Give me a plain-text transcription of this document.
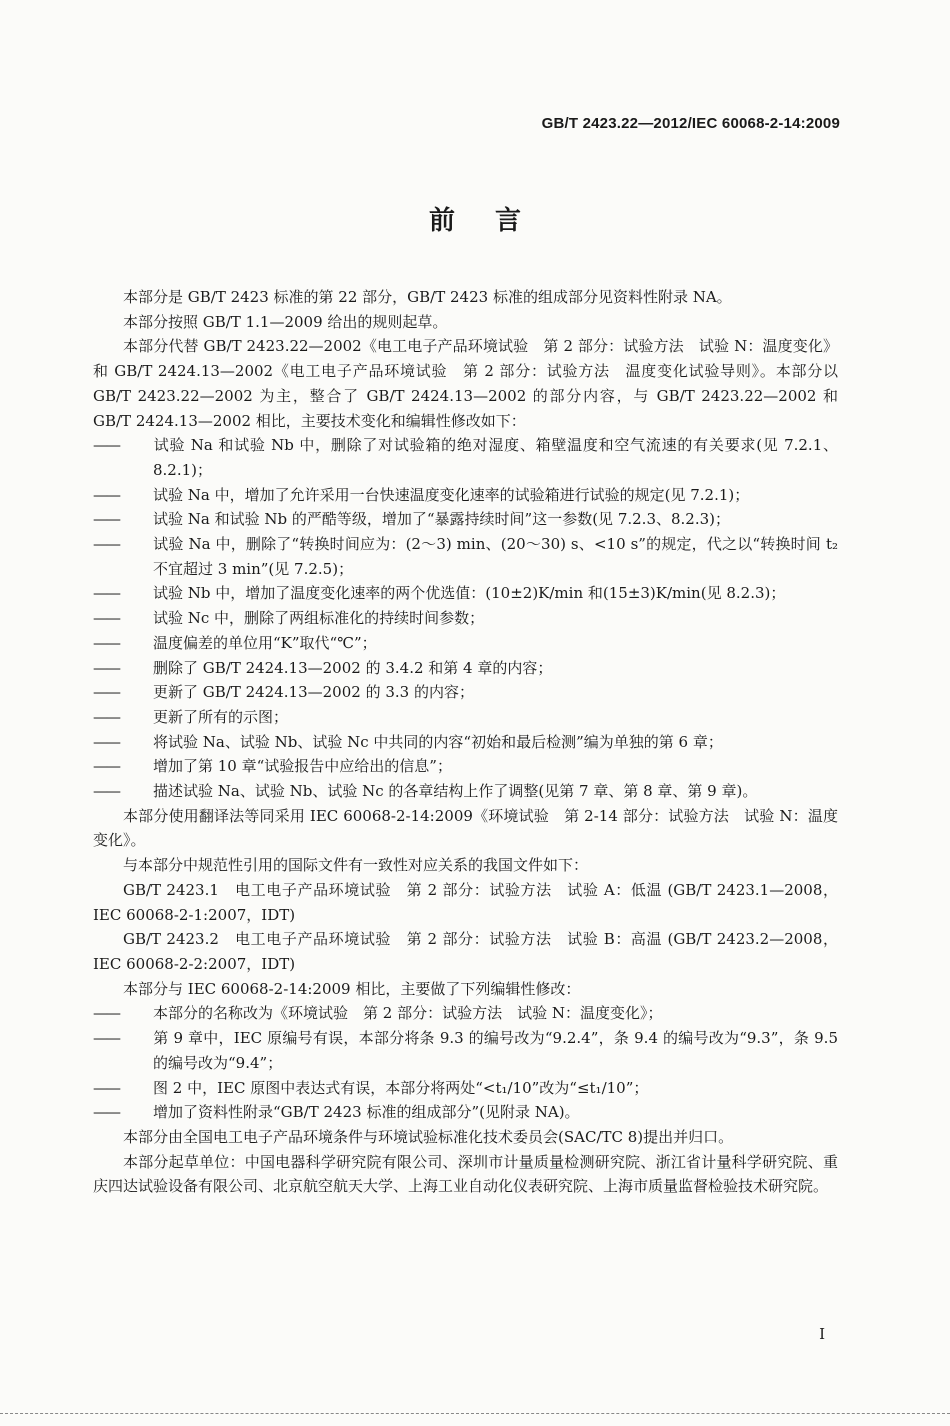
GB/T 2423.22—2012/IEC 60068-2-14:2009
前言

本部分是 GB/T 2423 标准的第 22 部分，GB/T 2423 标准的组成部分见资料性附录 NA。

本部分按照 GB/T 1.1—2009 给出的规则起草。

本部分代替 GB/T 2423.22—2002《电工电子产品环境试验　第 2 部分：试验方法　试验 N：温度变化》和 GB/T 2424.13—2002《电工电子产品环境试验　第 2 部分：试验方法　温度变化试验导则》。本部分以 GB/T 2423.22—2002 为主，整合了 GB/T 2424.13—2002 的部分内容，与 GB/T 2423.22—2002 和 GB/T 2424.13—2002 相比，主要技术变化和编辑性修改如下：

—— 试验 Na 和试验 Nb 中，删除了对试验箱的绝对湿度、箱壁温度和空气流速的有关要求(见 7.2.1、8.2.1)；

—— 试验 Na 中，增加了允许采用一台快速温度变化速率的试验箱进行试验的规定(见 7.2.1)；

—— 试验 Na 和试验 Nb 的严酷等级，增加了“暴露持续时间”这一参数(见 7.2.3、8.2.3)；

—— 试验 Na 中，删除了“转换时间应为：(2～3) min、(20～30) s、<10 s”的规定，代之以“转换时间 t₂ 不宜超过 3 min”(见 7.2.5)；

—— 试验 Nb 中，增加了温度变化速率的两个优选值：(10±2)K/min 和(15±3)K/min(见 8.2.3)；

—— 试验 Nc 中，删除了两组标准化的持续时间参数；

—— 温度偏差的单位用“K”取代“℃”；

—— 删除了 GB/T 2424.13—2002 的 3.4.2 和第 4 章的内容；

—— 更新了 GB/T 2424.13—2002 的 3.3 的内容；

—— 更新了所有的示图；

—— 将试验 Na、试验 Nb、试验 Nc 中共同的内容“初始和最后检测”编为单独的第 6 章；

—— 增加了第 10 章“试验报告中应给出的信息”；

—— 描述试验 Na、试验 Nb、试验 Nc 的各章结构上作了调整(见第 7 章、第 8 章、第 9 章)。

本部分使用翻译法等同采用 IEC 60068-2-14:2009《环境试验　第 2-14 部分：试验方法　试验 N：温度变化》。

与本部分中规范性引用的国际文件有一致性对应关系的我国文件如下：

GB/T 2423.1　电工电子产品环境试验　第 2 部分：试验方法　试验 A：低温 (GB/T 2423.1—2008，IEC 60068-2-1:2007，IDT)

GB/T 2423.2　电工电子产品环境试验　第 2 部分：试验方法　试验 B：高温 (GB/T 2423.2—2008，IEC 60068-2-2:2007，IDT)

本部分与 IEC 60068-2-14:2009 相比，主要做了下列编辑性修改：

—— 本部分的名称改为《环境试验　第 2 部分：试验方法　试验 N：温度变化》；

—— 第 9 章中，IEC 原编号有误，本部分将条 9.3 的编号改为“9.2.4”，条 9.4 的编号改为“9.3”，条 9.5 的编号改为“9.4”；

—— 图 2 中，IEC 原图中表达式有误，本部分将两处“<t₁/10”改为“≤t₁/10”；

—— 增加了资料性附录“GB/T 2423 标准的组成部分”(见附录 NA)。

本部分由全国电工电子产品环境条件与环境试验标准化技术委员会(SAC/TC 8)提出并归口。

本部分起草单位：中国电器科学研究院有限公司、深圳市计量质量检测研究院、浙江省计量科学研究院、重庆四达试验设备有限公司、北京航空航天大学、上海工业自动化仪表研究院、上海市质量监督检验技术研究院。

I
